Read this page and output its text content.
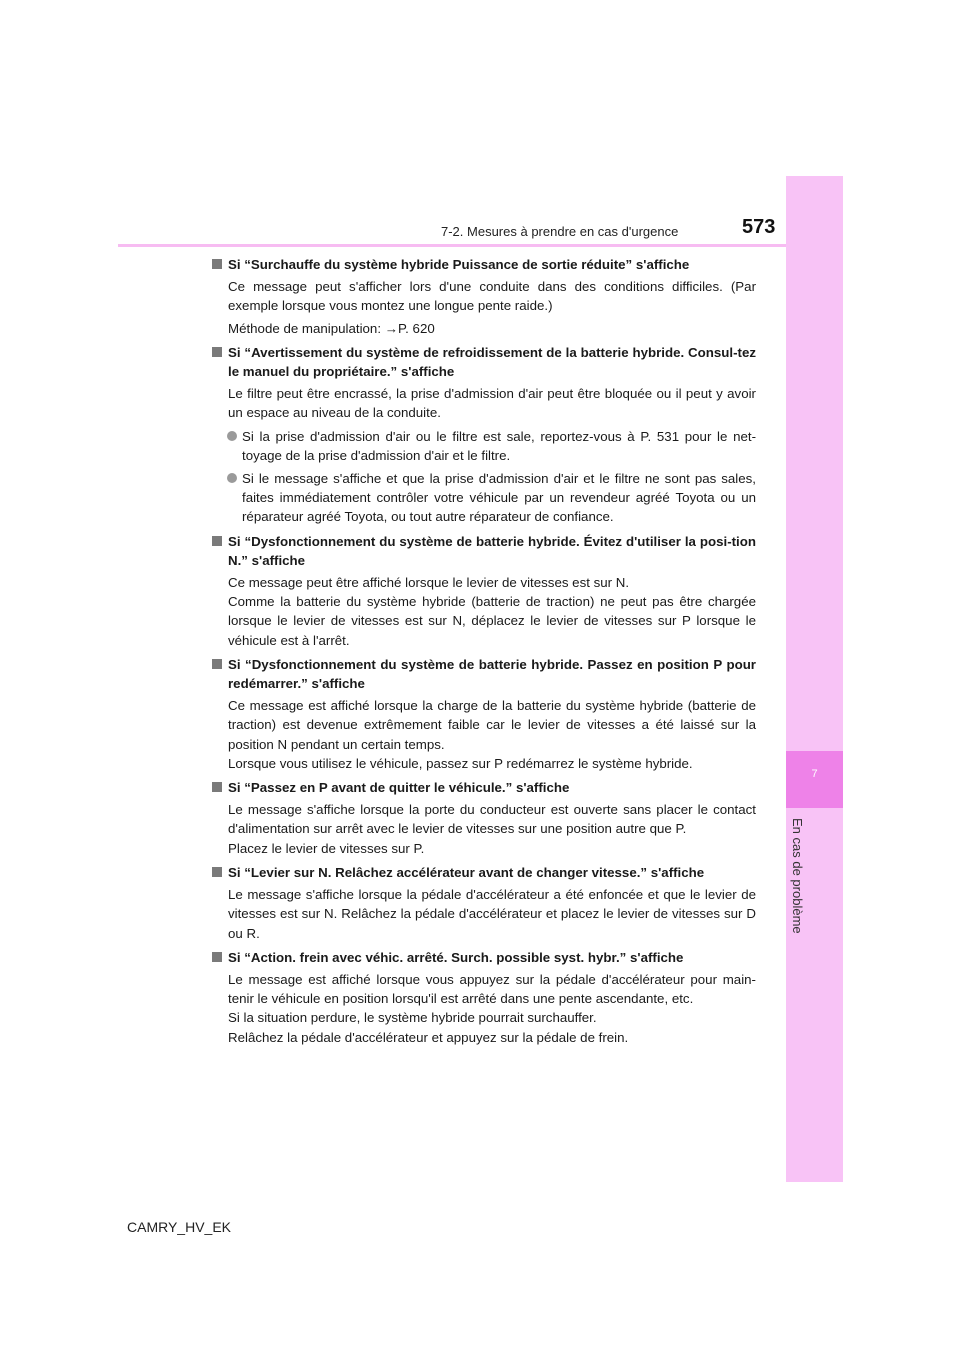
7
En cas de problème
7-2. Mesures à prendre en cas d'urgence	573
Si “Surchauffe du système hybride Puissance de sortie réduite” s'affiche
Ce message peut s'afficher lors d'une conduite dans des conditions difficiles. (Par exemple lorsque vous montez une longue pente raide.)
Méthode de manipulation: →P. 620
Si “Avertissement du système de refroidissement de la batterie hybride. Consul-tez le manuel du propriétaire.” s'affiche
Le filtre peut être encrassé, la prise d'admission d'air peut être bloquée ou il peut y avoir un espace au niveau de la conduite.
Si la prise d'admission d'air ou le filtre est sale, reportez-vous à P. 531 pour le net-toyage de la prise d'admission d'air et le filtre.
Si le message s'affiche et que la prise d'admission d'air et le filtre ne sont pas sales, faites immédiatement contrôler votre véhicule par un revendeur agréé Toyota ou un réparateur agréé Toyota, ou tout autre réparateur de confiance.
Si “Dysfonctionnement du système de batterie hybride. Évitez d'utiliser la posi-tion N.” s'affiche
Ce message peut être affiché lorsque le levier de vitesses est sur N.
Comme la batterie du système hybride (batterie de traction) ne peut pas être chargée lorsque le levier de vitesses est sur N, déplacez le levier de vitesses sur P lorsque le véhicule est à l'arrêt.
Si “Dysfonctionnement du système de batterie hybride. Passez en position P pour redémarrer.” s'affiche
Ce message est affiché lorsque la charge de la batterie du système hybride (batterie de traction) est devenue extrêmement faible car le levier de vitesses a été laissé sur la position N pendant un certain temps.
Lorsque vous utilisez le véhicule, passez sur P redémarrez le système hybride.
Si “Passez en P avant de quitter le véhicule.” s'affiche
Le message s'affiche lorsque la porte du conducteur est ouverte sans placer le contact d'alimentation sur arrêt avec le levier de vitesses sur une position autre que P.
Placez le levier de vitesses sur P.
Si “Levier sur N. Relâchez accélérateur avant de changer vitesse.” s'affiche
Le message s'affiche lorsque la pédale d'accélérateur a été enfoncée et que le levier de vitesses est sur N. Relâchez la pédale d'accélérateur et placez le levier de vitesses sur D ou R.
Si “Action. frein avec véhic. arrêté. Surch. possible syst. hybr.” s'affiche
Le message est affiché lorsque vous appuyez sur la pédale d'accélérateur pour main-tenir le véhicule en position lorsqu'il est arrêté dans une pente ascendante, etc.
Si la situation perdure, le système hybride pourrait surchauffer.
Relâchez la pédale d'accélérateur et appuyez sur la pédale de frein.
CAMRY_HV_EK
